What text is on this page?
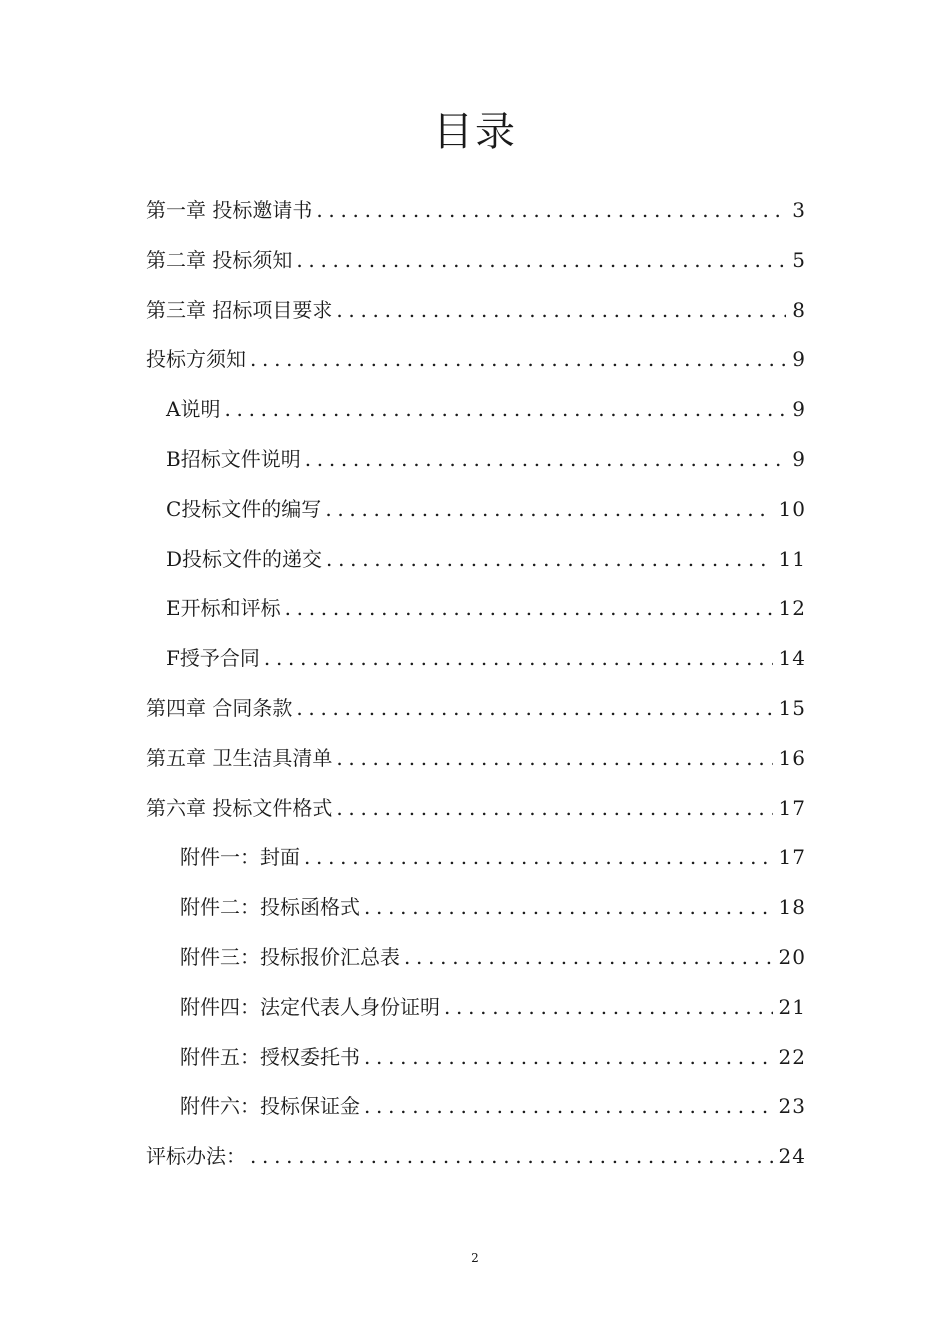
目录
第一章 投标邀请书 .....	3
第二章 投标须知 .....	5
第三章 招标项目要求 .....	8
投标方须知 .....	9
A 说明 .....	9
B 招标文件说明 .....	9
C 投标文件的编写 .....	10
D 投标文件的递交 .....	11
E 开标和评标 .....	12
F 授予合同 .....	14
第四章 合同条款 .....	15
第五章 卫生洁具清单 .....	16
第六章 投标文件格式 .....	17
附件一：封面 .....	17
附件二：投标函格式 .....	18
附件三：投标报价汇总表 .....	20
附件四：法定代表人身份证明 .....	21
附件五：授权委托书 .....	22
附件六：投标保证金 .....	23
评标办法： .....	24
2
